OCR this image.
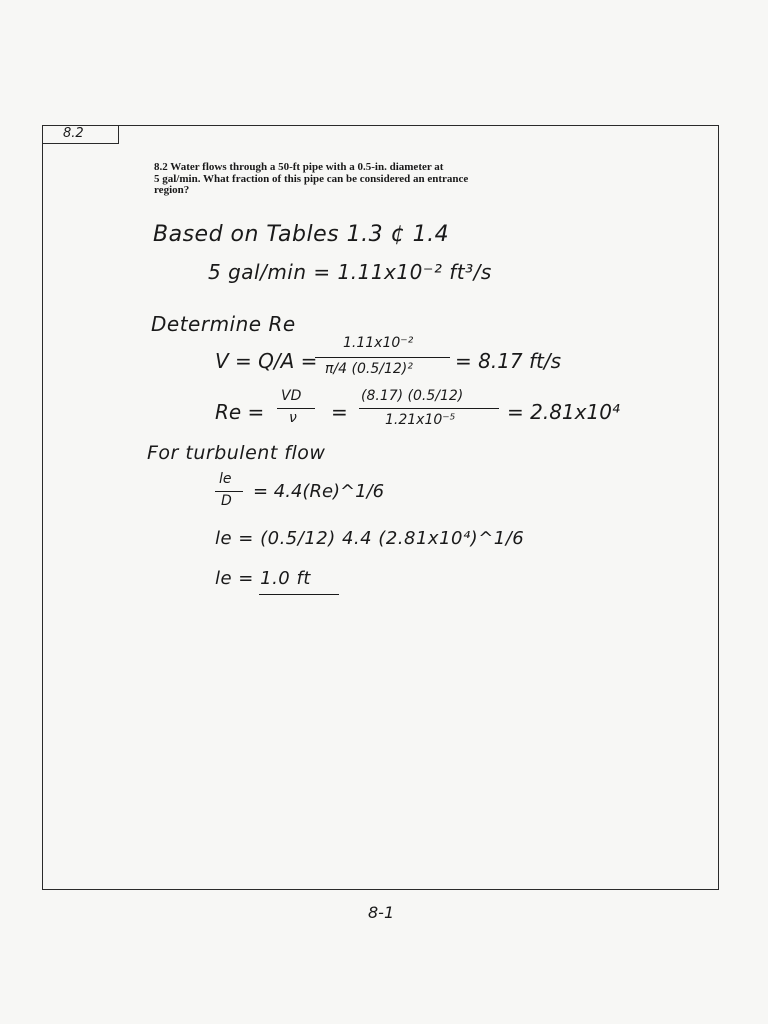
8.2
8.2 Water flows through a 50-ft pipe with a 0.5-in. diameter at
5 gal/min. What fraction of this pipe can be considered an entrance
region?
Based on Tables 1.3 ¢ 1.4
5 gal/min = 1.11x10⁻² ft³/s
Determine Re
V = Q/A =
1.11x10⁻²
π/4 (0.5/12)² = 8.17 ft/s
Re =
VD
ν =
(8.17) (0.5/12)
1.21x10⁻⁵	= 2.81x10⁴
For turbulent flow
le
D = 4.4(Re)^1/6
le = (0.5/12) 4.4 (2.81x10⁴)^1/6
le = 1.0 ft
8-1
